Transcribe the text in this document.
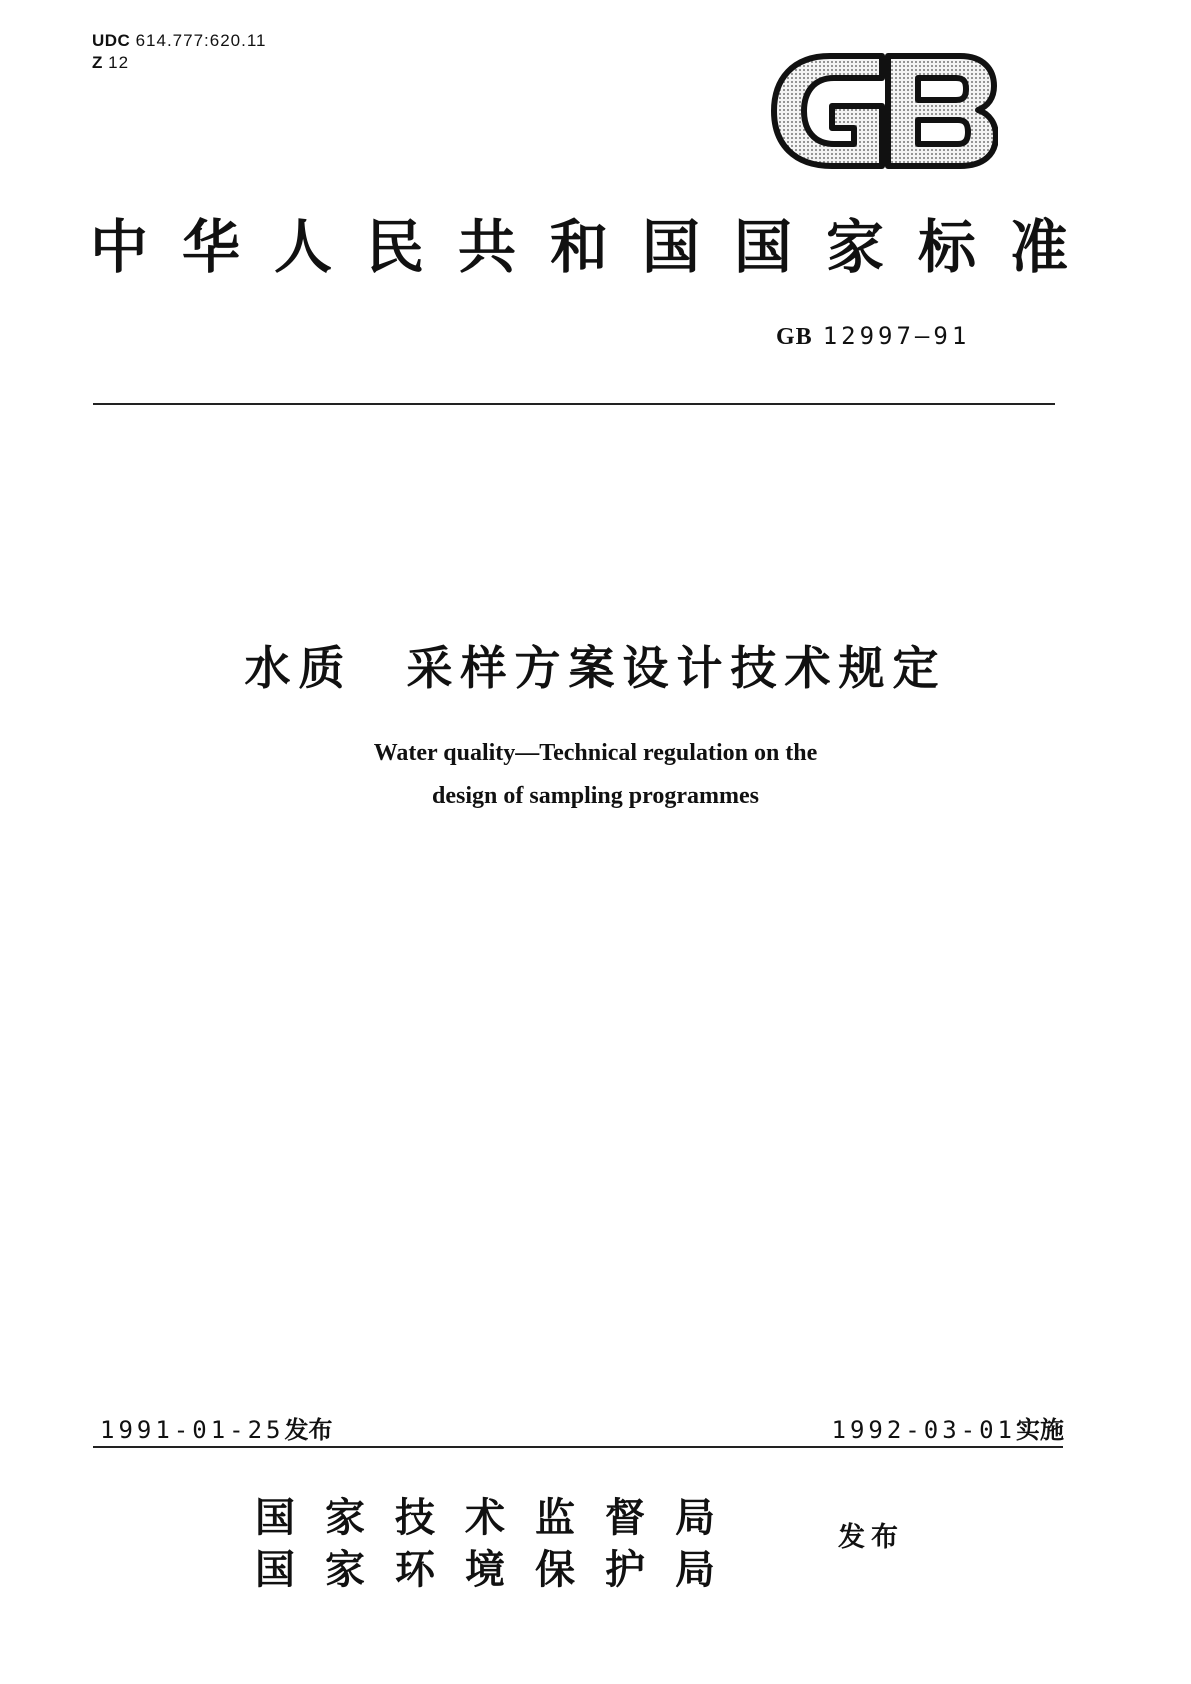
UDC 614.777:620.11
Z 12
中华人民共和国国家标准
GB 12997—91
水质　采样方案设计技术规定
Water quality—Technical regulation on the
design of sampling programmes
1991-01-25发布	1992-03-01实施
国家技术监督局
国家环境保护局
发布
